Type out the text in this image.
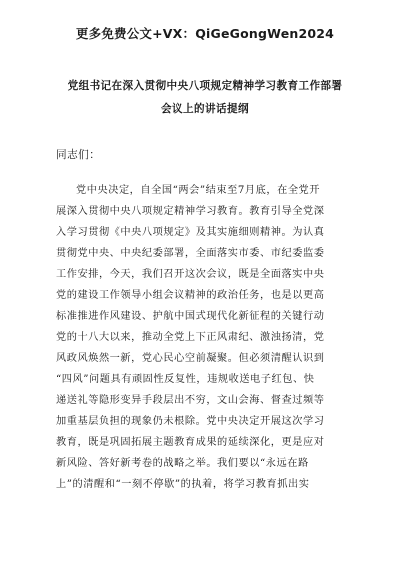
更多免费公文+VX：QiGeGongWen2024
党组书记在深入贯彻中央八项规定精神学习教育工作部署
会议上的讲话提纲
同志们：
党中央决定，自全国“两会”结束至7月底，在全党开
展深入贯彻中央八项规定精神学习教育。教育引导全党深
入学习贯彻《中央八项规定》及其实施细则精神。为认真
贯彻党中央、中央纪委部署，全面落实市委、市纪委监委
工作安排，今天，我们召开这次会议，既是全面落实中央
党的建设工作领导小组会议精神的政治任务，也是以更高
标准推进作风建设、护航中国式现代化新征程的关键行动
党的十八大以来，推动全党上下正风肃纪、激浊扬清，党
风政风焕然一新，党心民心空前凝聚。但必须清醒认识到
“四风”问题具有顽固性反复性，违规收送电子红包、快
递送礼等隐形变异手段层出不穷，文山会海、督查过频等
加重基层负担的现象仍未根除。党中央决定开展这次学习
教育，既是巩固拓展主题教育成果的延续深化，更是应对
新风险、答好新考卷的战略之举。我们要以“永远在路
上”的清醒和“一刻不停歇”的执着，将学习教育抓出实
